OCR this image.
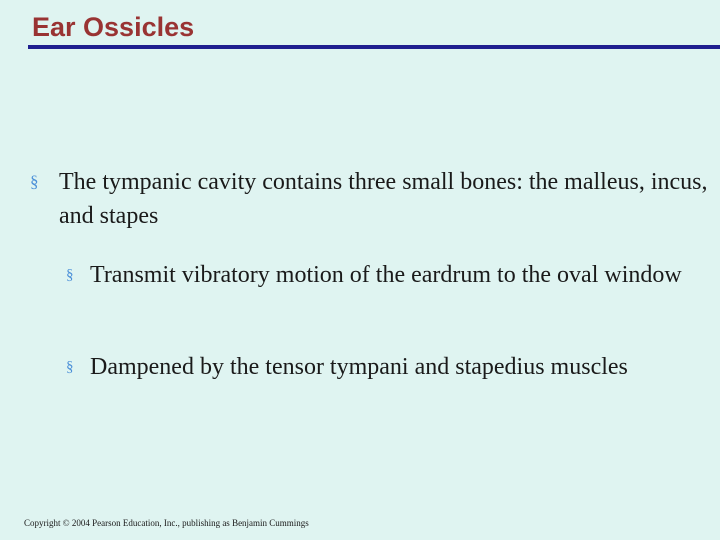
Ear Ossicles
§ The tympanic cavity contains three small bones: the malleus, incus, and stapes
§ Transmit vibratory motion of the eardrum to the oval window
§ Dampened by the tensor tympani and stapedius muscles
Copyright © 2004 Pearson Education, Inc., publishing as Benjamin Cummings
